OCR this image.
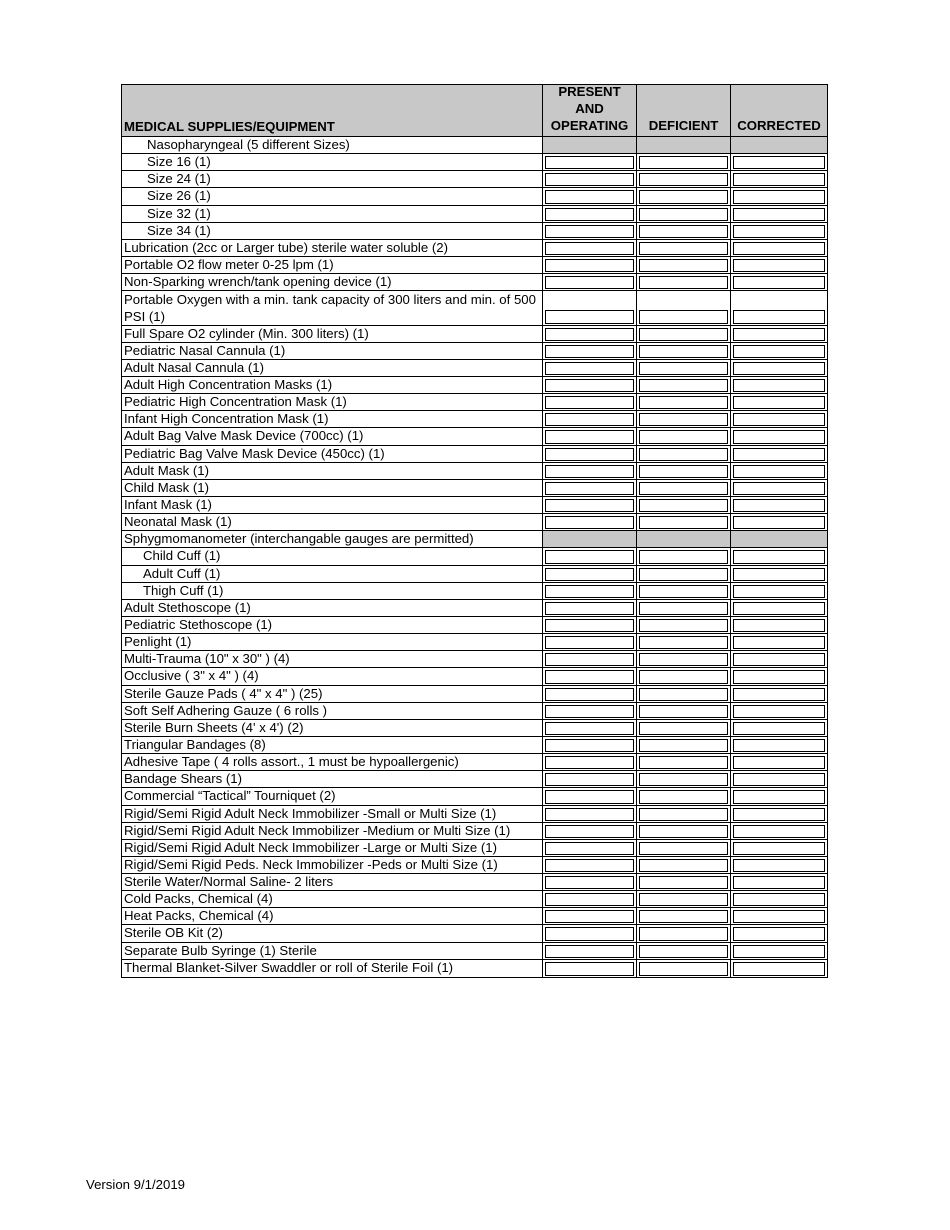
MEDICAL SUPPLIES/EQUIPMENT
PRESENT
AND
OPERATING	DEFICIENT	CORRECTED
Nasopharyngeal (5 different Sizes)
Size 16 (1)
Size 24 (1)
Size 26 (1)
Size 32 (1)
Size 34 (1)
Lubrication (2cc or Larger tube) sterile water soluble (2)
Portable O2 flow meter 0-25 lpm (1)
Non-Sparking wrench/tank opening device (1)
Portable Oxygen with a min. tank capacity of 300 liters and min. of 500 PSI (1)
Full Spare O2 cylinder (Min. 300 liters) (1)
Pediatric Nasal Cannula (1)
Adult Nasal Cannula (1)
Adult High Concentration Masks (1)
Pediatric High Concentration Mask (1)
Infant High Concentration Mask (1)
Adult Bag Valve Mask Device (700cc) (1)
Pediatric Bag Valve Mask Device (450cc) (1)
Adult Mask (1)
Child Mask (1)
Infant Mask (1)
Neonatal Mask (1)
Sphygmomanometer (interchangable gauges are permitted)
Child Cuff (1)
Adult Cuff (1)
Thigh Cuff (1)
Adult Stethoscope (1)
Pediatric Stethoscope (1)
Penlight (1)
Multi-Trauma (10" x 30" ) (4)
Occlusive ( 3" x 4" ) (4)
Sterile Gauze Pads ( 4" x 4" ) (25)
Soft Self Adhering Gauze ( 6 rolls )
Sterile Burn Sheets (4' x 4') (2)
Triangular Bandages (8)
Adhesive Tape ( 4 rolls assort., 1 must be hypoallergenic)
Bandage Shears (1)
Commercial “Tactical” Tourniquet (2)
Rigid/Semi Rigid Adult Neck Immobilizer -Small or Multi Size (1)
Rigid/Semi Rigid Adult Neck Immobilizer -Medium or Multi Size (1)
Rigid/Semi Rigid Adult Neck Immobilizer -Large or Multi Size (1)
Rigid/Semi Rigid Peds. Neck Immobilizer -Peds or Multi Size (1)
Sterile Water/Normal Saline- 2 liters
Cold Packs, Chemical (4)
Heat Packs, Chemical (4)
Sterile OB Kit (2)
Separate Bulb Syringe (1) Sterile
Thermal Blanket-Silver Swaddler or roll of Sterile Foil (1)
Version 9/1/2019
